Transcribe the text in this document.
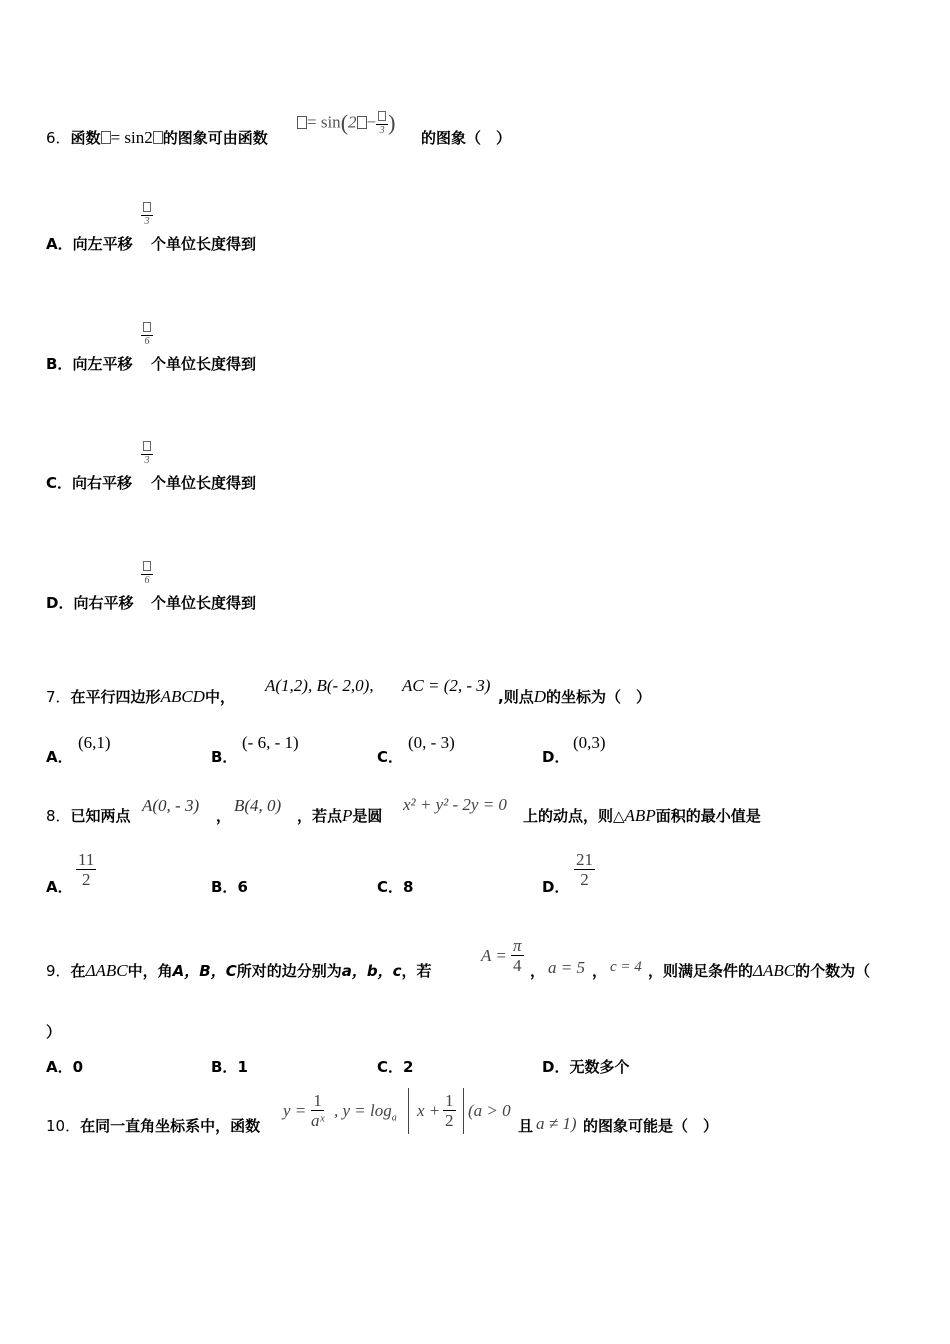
6．函数 = sin2 的图象可由函数
= sin(2 − 3 )
的图象（　）
A．向左平移
3
个单位长度得到
B．向左平移
6
个单位长度得到
C．向右平移
3
个单位长度得到
D．向右平移
6
个单位长度得到
7．在平行四边形ABCD中，
A(1,2), B(- 2,0), AC = (2, - 3)
,则点D的坐标为（　）
A．
(6,1)
B．
(- 6, - 1)
C．
(0, - 3)
D．
(0,3)
8．已知两点
A(0, - 3)
，
B(4, 0)
，若点P是圆
x² + y² - 2y = 0
上的动点，则△ABP面积的最小值是
A． $\frac{11}{2}$	B．6	C．8	D． $\frac{21}{2}$
9．在ΔABC中，角A，B，C所对的边分别为a，b，c，若
$A = \frac{\pi}{4}$ ， a = 5 ， c = 4 ，则满足条件的ΔABC的个数为（
）
A．0	B．1	C．2	D．无数多个
10．在同一直角坐标系中，函数
$y = \frac{1}{\text{aˣ}}$ , $y = \log_a x + \frac{1}{2} (a > 0$
且 a ≠ 1) 的图象可能是（　）
